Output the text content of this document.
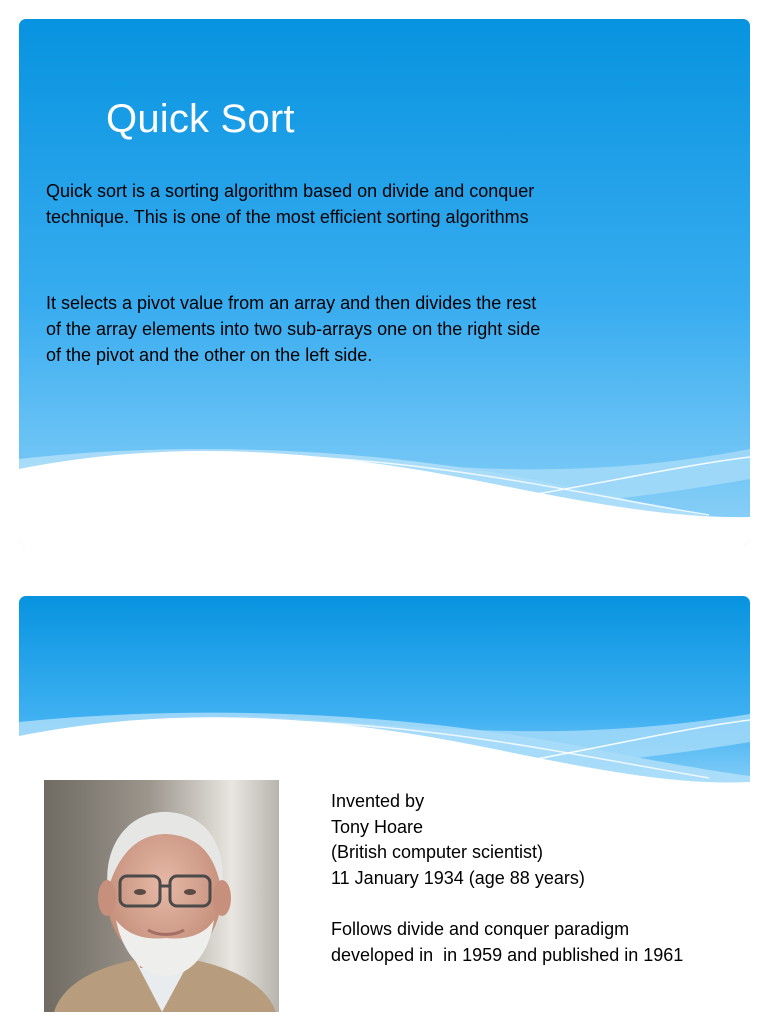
Quick Sort

Quick sort is a sorting algorithm based on divide and conquer technique. This is one of the most efficient sorting algorithms

It selects a pivot value from an array and then divides the rest of the array elements into two sub-arrays one on the right side of the pivot and the other on the left side.

Invented by
Tony Hoare
(British computer scientist)
11 January 1934 (age 88 years)
Follows divide and conquer paradigm
developed in  in 1959 and published in 1961
